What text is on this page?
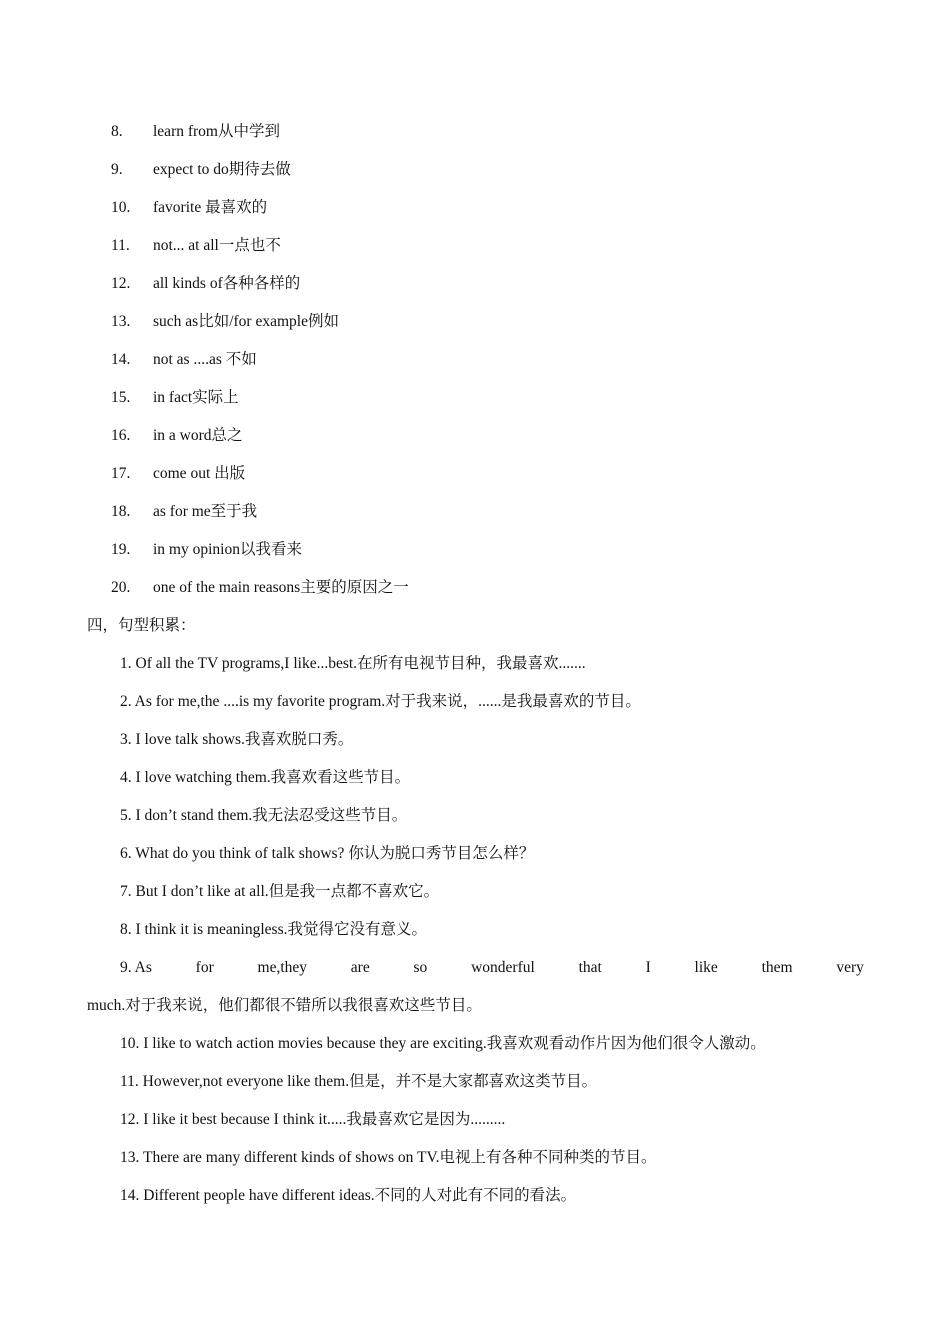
8. learn from从中学到
9. expect to do期待去做
10. favorite 最喜欢的
11. not... at all一点也不
12. all kinds of各种各样的
13. such as比如/for example例如
14. not as ....as 不如
15. in fact实际上
16. in a word总之
17. come out 出版
18. as for me至于我
19. in my opinion以我看来
20. one of the main reasons主要的原因之一
四，句型积累：
1. Of all the TV programs,I like...best.在所有电视节目种，我最喜欢.......
2. As for me,the ....is my favorite program.对于我来说，......是我最喜欢的节目。
3. I love talk shows.我喜欢脱口秀。
4. I love watching them.我喜欢看这些节目。
5. I don’t stand them.我无法忍受这些节目。
6. What do you think of talk shows? 你认为脱口秀节目怎么样？
7. But I don’t like at all.但是我一点都不喜欢它。
8. I think it is meaningless.我觉得它没有意义。
9. As	for	me,they	are	so	wonderful	that	I	like	them	very
much.对于我来说，他们都很不错所以我很喜欢这些节目。
10. I like to watch action movies because they are exciting.我喜欢观看动作片因为他们很令人激动。
11. However,not everyone like them.但是，并不是大家都喜欢这类节目。
12. I like it best because I think it.....我最喜欢它是因为.........
13. There are many different kinds of shows on TV.电视上有各种不同种类的节目。
14. Different people have different ideas.不同的人对此有不同的看法。
